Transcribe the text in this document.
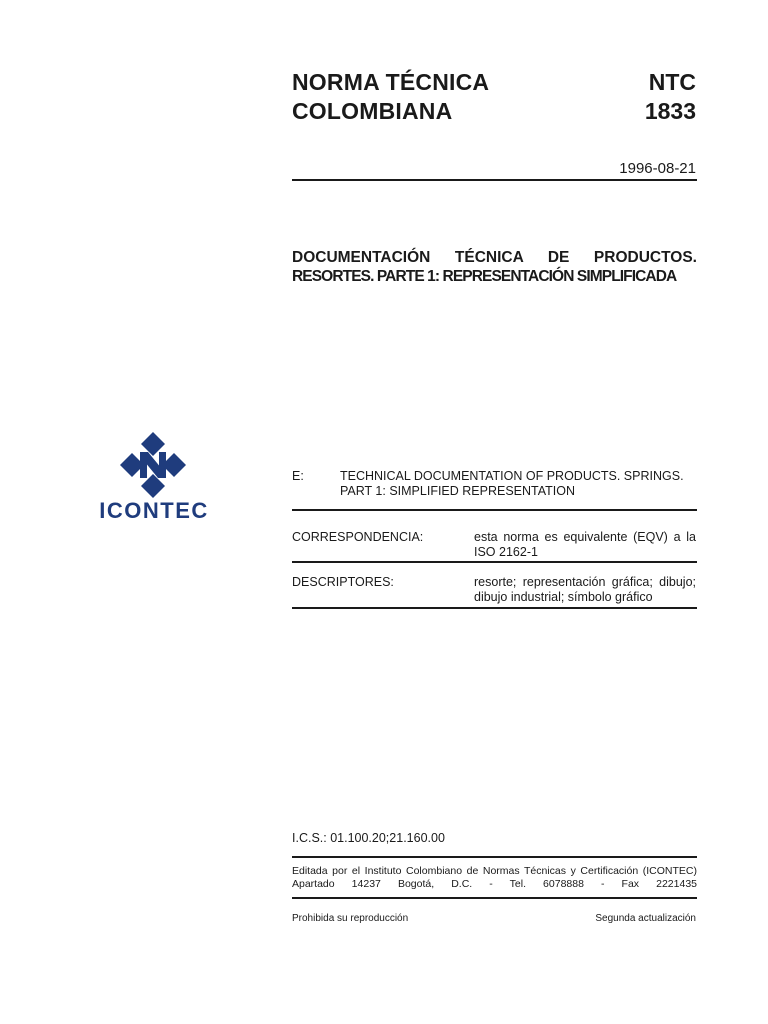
NORMA TÉCNICA
COLOMBIANA
NTC
1833
1996-08-21
DOCUMENTACIÓN TÉCNICA DE PRODUCTOS.
RESORTES. PARTE 1: REPRESENTACIÓN SIMPLIFICADA
ICONTEC
E:	TECHNICAL DOCUMENTATION OF PRODUCTS. SPRINGS.
PART 1: SIMPLIFIED REPRESENTATION
CORRESPONDENCIA:	esta norma es equivalente (EQV) a la
ISO 2162-1
DESCRIPTORES:	resorte; representación gráfica; dibujo;
dibujo industrial; símbolo gráfico
I.C.S.: 01.100.20;21.160.00
Editada por el Instituto Colombiano de Normas Técnicas y Certificación (ICONTEC)
Apartado 14237 Bogotá, D.C. - Tel. 6078888 - Fax 2221435
Prohibida su reproducción	Segunda actualización
